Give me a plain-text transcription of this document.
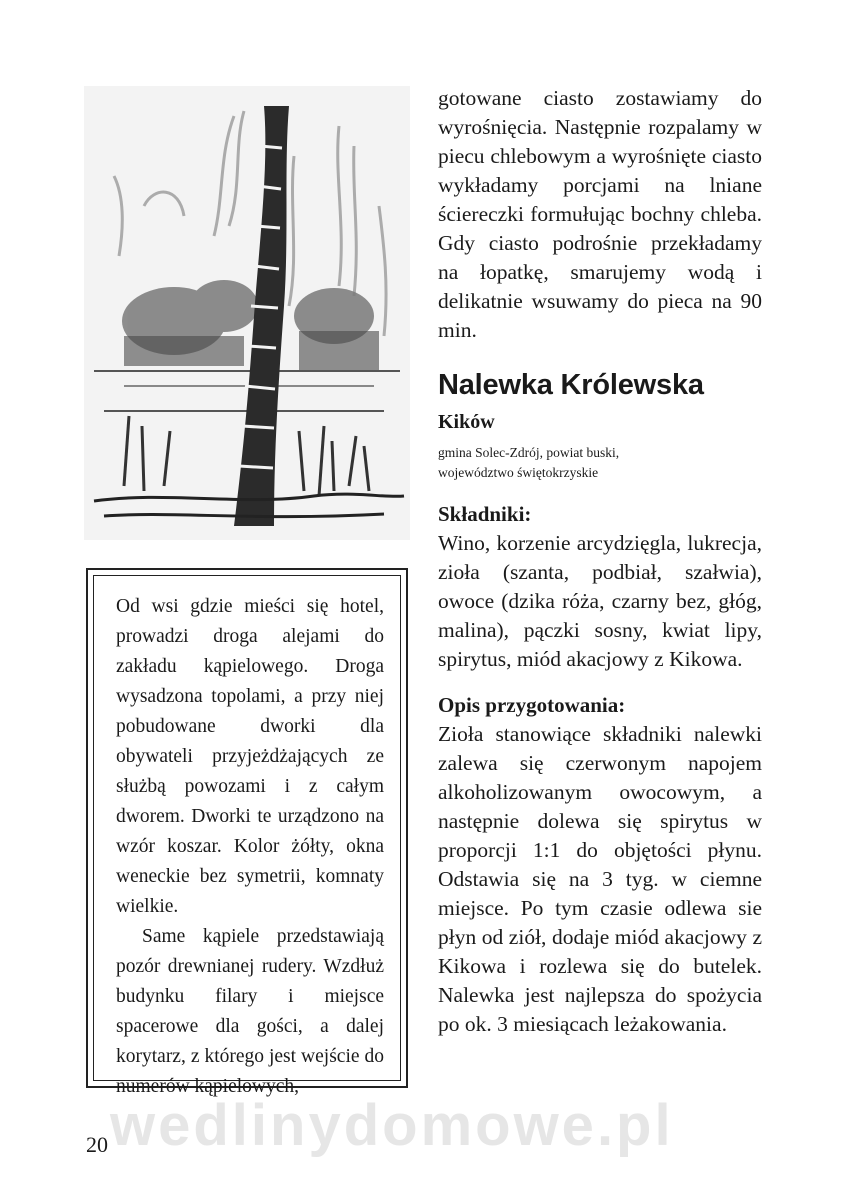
Od wsi gdzie mieści się hotel, prowadzi droga alejami do zakładu kąpielowego. Droga wysadzona topolami, a przy niej pobudowane dworki dla obywateli przyjeżdżających ze służbą powozami i z całym dworem. Dworki te urządzono na wzór koszar. Kolor żółty, okna weneckie bez symetrii, komnaty wielkie.

Same kąpiele przedstawiają pozór drewnianej rudery. Wzdłuż budynku filary i miejsce spacerowe dla gości, a dalej korytarz, z którego jest wejście do numerów kąpielowych,

gotowane ciasto zostawiamy do wyrośnięcia. Następnie rozpalamy w piecu chlebowym a wyrośnięte ciasto wykładamy porcjami na lniane ściereczki formułując bochny chleba. Gdy ciasto podrośnie przekładamy na łopatkę, smarujemy wodą i delikatnie wsuwamy do pieca na 90 min.

Nalewka Królewska

Kików

gmina Solec-Zdrój, powiat buski,
województwo świętokrzyskie

Składniki:

Wino, korzenie arcydzięgla, lukrecja, zioła (szanta, podbiał, szałwia), owoce (dzika róża, czarny bez, głóg, malina), pączki sosny, kwiat lipy, spirytus, miód akacjowy z Kikowa.

Opis przygotowania:

Zioła stanowiące składniki nalewki zalewa się czerwonym napojem alkoholizowanym owocowym, a następnie dolewa się spirytus w proporcji 1:1 do objętości płynu. Odstawia się na 3 tyg. w ciemne miejsce. Po tym czasie odlewa sie płyn od ziół, dodaje miód akacjowy z Kikowa i rozlewa się do butelek. Nalewka jest najlepsza do spożycia po ok. 3 miesiącach leżakowania.

wedlinydomowe.pl
20
